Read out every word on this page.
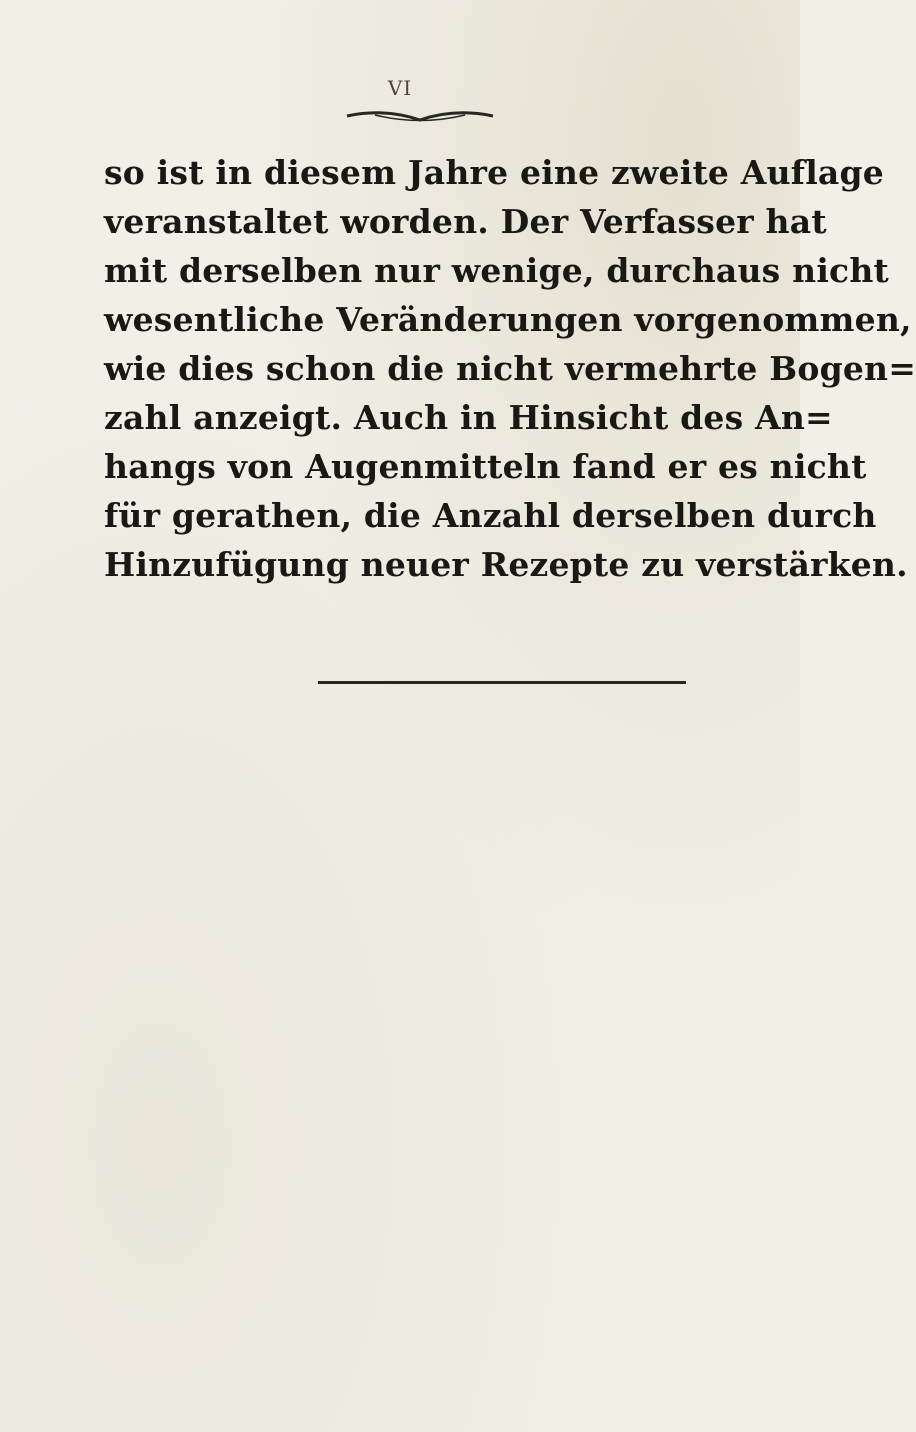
VI
so ist in diesem Jahre eine zweite Auflage
veranstaltet worden. Der Verfasser hat
mit derselben nur wenige, durchaus nicht
wesentliche Veränderungen vorgenommen,
wie dies schon die nicht vermehrte Bogen=
zahl anzeigt. Auch in Hinsicht des An=
hangs von Augenmitteln fand er es nicht
für gerathen, die Anzahl derselben durch
Hinzufügung neuer Rezepte zu verstärken.
